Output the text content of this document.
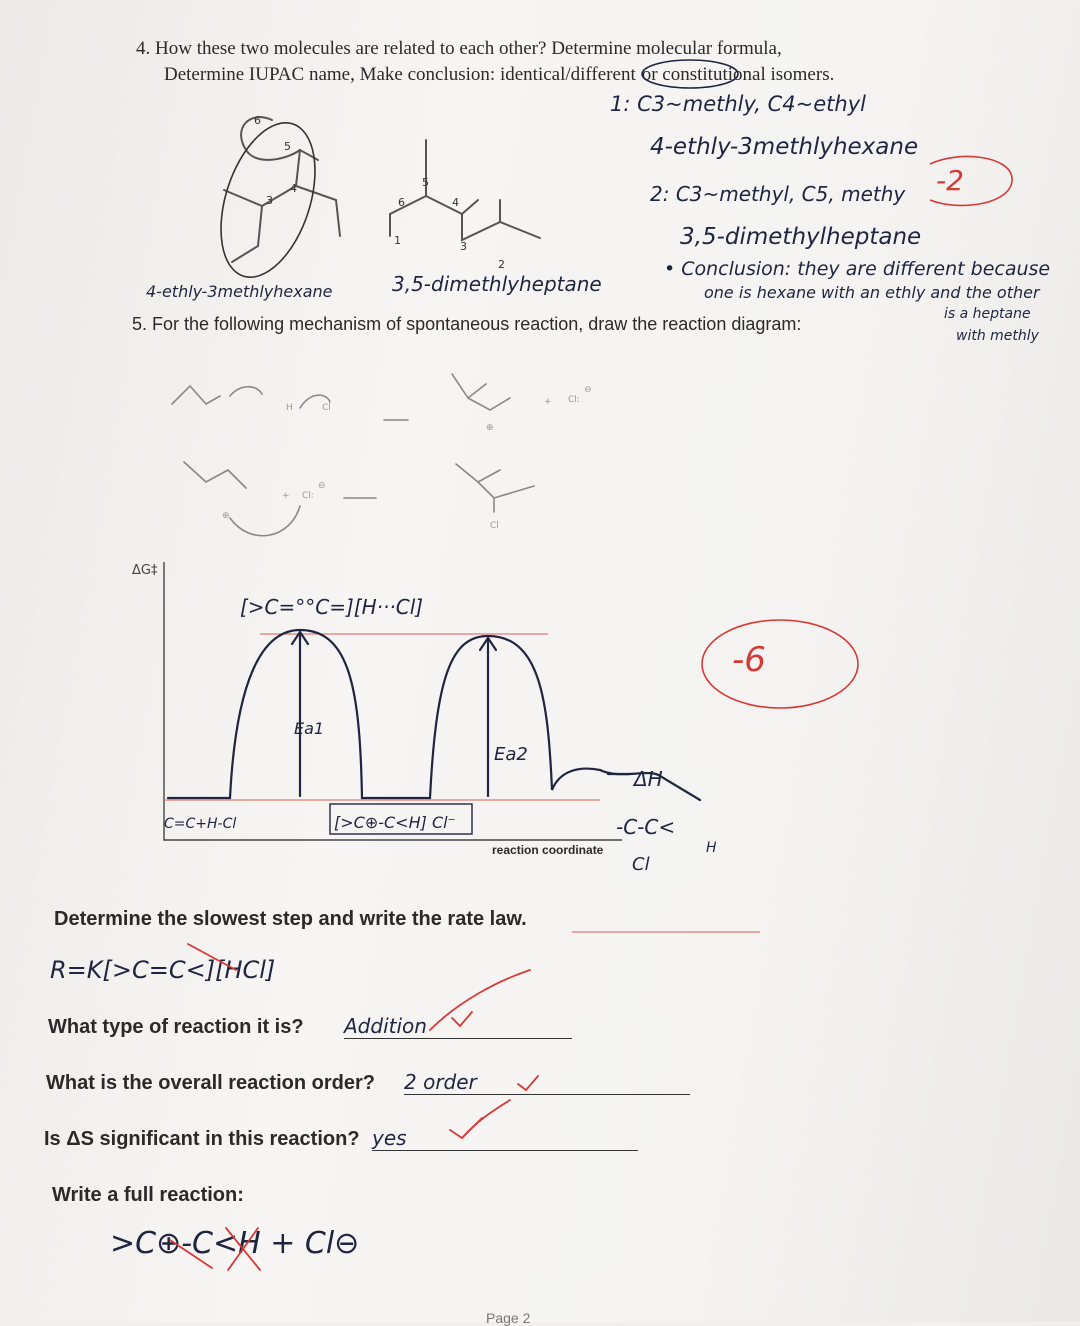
4. How these two molecules are related to each other? Determine molecular formula,
Determine IUPAC name, Make conclusion: identical/different or constitutional isomers.
1: C3~methly, C4~ethyl
4-ethly-3methlyhexane
2: C3~methyl, C5, methy
3,5-dimethylheptane
• Conclusion: they are different because
one is hexane with an ethly and the other
is a heptane
with methly
4-ethly-3methlyhexane	3,5-dimethlyheptane
-2
6
5
4
3	6
5
4
1	3
2
5. For the following mechanism of spontaneous reaction, draw the reaction diagram:
H	Cl
+ Cl:
⊖
⊕
⊕
+ Cl:
⊖
Cl
ΔG‡
reaction coordinate
[>C=°°C=][H···Cl]
Ea1
Ea2
C=C+H-Cl	[>C⊕-C<H] Cl⁻
ΔH
-C-C<
H
Cl
-6
Determine the slowest step and write the rate law.
R=K[>C=C<][HCl]
What type of reaction it is? Addition
What is the overall reaction order? 2 order
Is ΔS significant in this reaction? yes
Write a full reaction:
>C⊕-C<H + Cl⊖
Page 2
